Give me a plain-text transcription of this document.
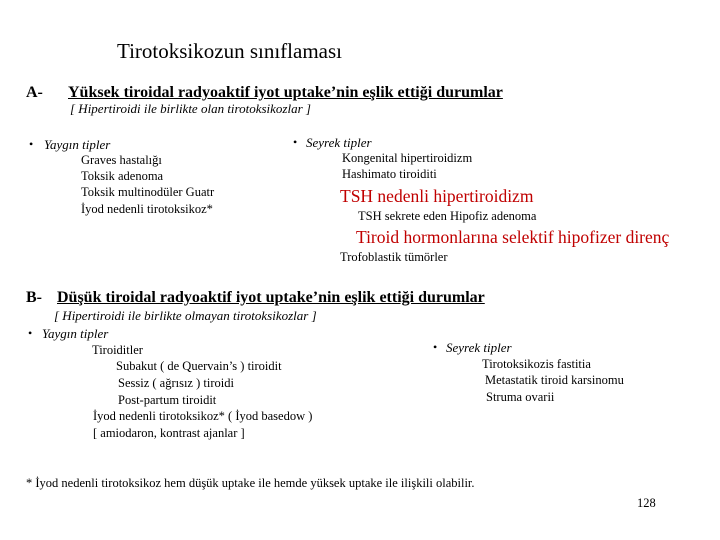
Tirotoksikozun sınıflaması
A- Yüksek tiroidal radyoaktif iyot uptake’nin eşlik ettiği durumlar
[ Hipertiroidi ile birlikte olan tirotoksikozlar ]
• Yaygın tipler
Graves hastalığı
Toksik adenoma
Toksik multinodüler Guatr
İyod nedenli tirotoksikoz*
• Seyrek tipler
Kongenital hipertiroidizm
Hashimato tiroiditi
TSH nedenli hipertiroidizm
TSH sekrete eden Hipofiz adenoma
Tiroid hormonlarına selektif hipofizer direnç
Trofoblastik tümörler
B- Düşük tiroidal radyoaktif iyot uptake’nin eşlik ettiği durumlar
[ Hipertiroidi ile birlikte olmayan tirotoksikozlar ]
• Yaygın tipler
Tiroiditler
Subakut ( de Quervain’s ) tiroidit
Sessiz ( ağrısız ) tiroidi
Post-partum tiroidit
İyod nedenli tirotoksikoz* ( İyod basedow )
[ amiodaron, kontrast ajanlar ]
• Seyrek tipler
Tirotoksikozis fastitia
Metastatik tiroid karsinomu
Struma ovarii
* İyod nedenli tirotoksikoz hem düşük uptake ile hemde yüksek uptake ile ilişkili olabilir.
128
